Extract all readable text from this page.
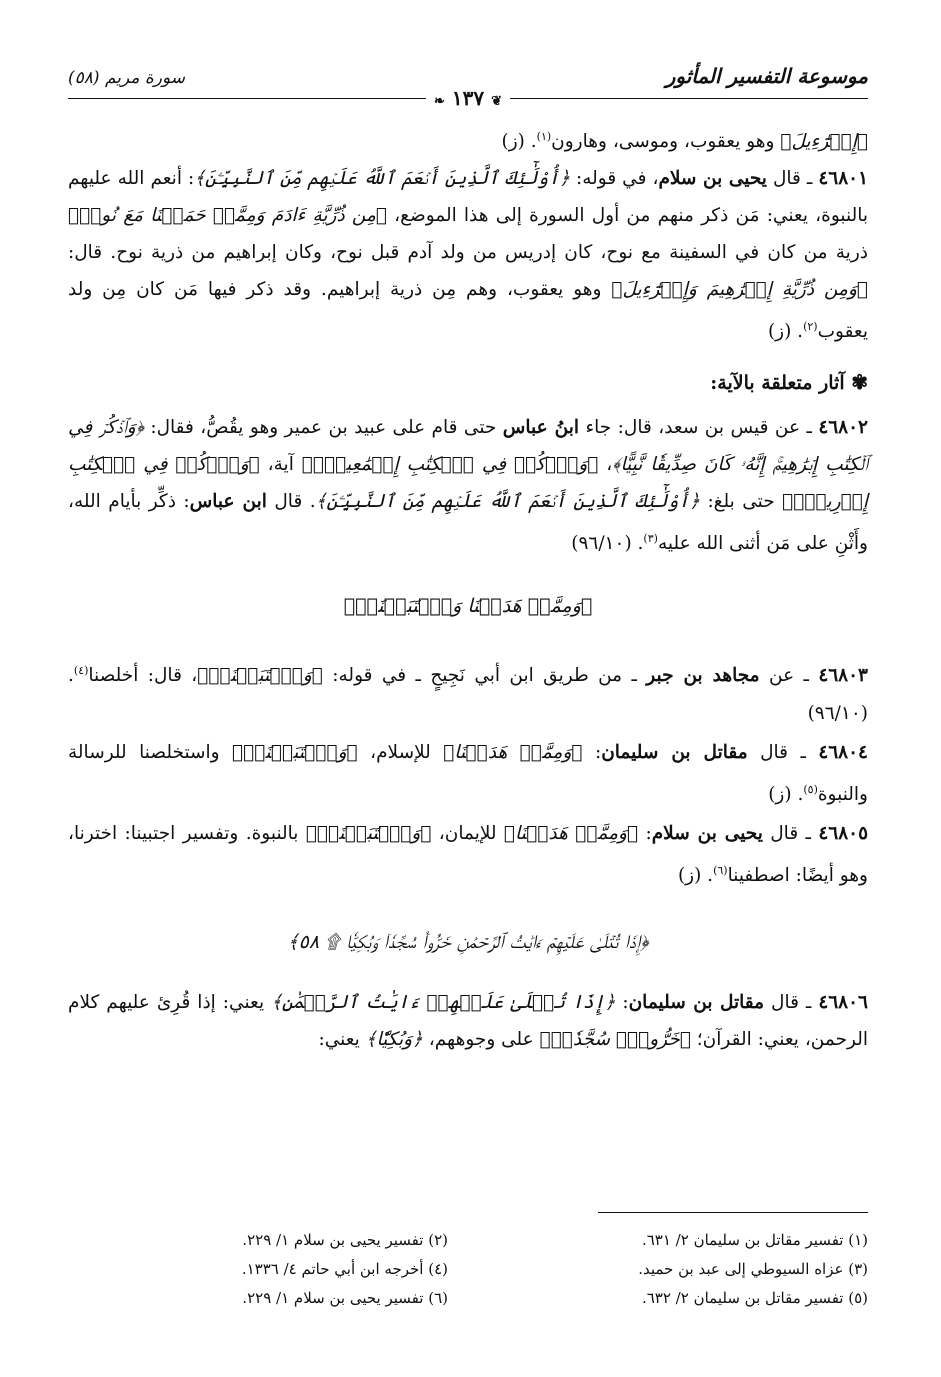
موسوعة التفسير المأثور
سورة مريم (٥٨)
❦ ١٣٧ ❧

﴿إِسۡرَٰٓءِيلَ﴾ وهو يعقوب، وموسى، وهارون$^{(١)}$. (ز)

٤٦٨٠١ ـ قال يحيى بن سلام، في قوله: ﴿أُوْلَٰٓئِكَ ٱلَّذِينَ أَنۡعَمَ ٱللَّهُ عَلَيۡهِم مِّنَ ٱلنَّبِيِّـۧنَ﴾: أنعم الله عليهم بالنبوة، يعني: مَن ذكر منهم من أول السورة إلى هذا الموضع، ﴿مِن ذُرِّيَّةِ ءَادَمَ وَمِمَّنۡ حَمَلۡنَا مَعَ نُوحٖ﴾ ذرية من كان في السفينة مع نوح، كان إدريس من ولد آدم قبل نوح، وكان إبراهيم من ذرية نوح. قال: ﴿وَمِن ذُرِّيَّةِ إِبۡرَٰهِيمَ وَإِسۡرَٰٓءِيلَ﴾ وهو يعقوب، وهم مِن ذرية إبراهيم. وقد ذكر فيها مَن كان مِن ولد يعقوب$^{(٢)}$. (ز)

✾ آثار متعلقة بالآية:

٤٦٨٠٢ ـ عن قيس بن سعد، قال: جاء ابنُ عباس حتى قام على عبيد بن عمير وهو يقُصُّ، فقال: ﴿وَٱذۡكُرۡ فِي ٱلۡكِتَٰبِ إِبۡرَٰهِيمَۚ إِنَّهُۥ كَانَ صِدِّيقٗا نَّبِيًّا﴾، ﴿وَٱذۡكُرۡ فِي ٱلۡكِتَٰبِ إِسۡمَٰعِيلَۚ﴾ آية، ﴿وَٱذۡكُرۡ فِي ٱلۡكِتَٰبِ إِدۡرِيسَۚ﴾ حتى بلغ: ﴿أُوْلَٰٓئِكَ ٱلَّذِينَ أَنۡعَمَ ٱللَّهُ عَلَيۡهِم مِّنَ ٱلنَّبِيِّـۧنَ﴾. قال ابن عباس: ذكِّر بأيام الله، وأَثْنِ على مَن أثنى الله عليه$^{(٣)}$. (٩٦/١٠)

﴿وَمِمَّنۡ هَدَيۡنَا وَٱجۡتَبَيۡنَآۚ﴾

٤٦٨٠٣ ـ عن مجاهد بن جبر ـ من طريق ابن أبي نَجِيحٍ ـ في قوله: ﴿وَٱجۡتَبَيۡنَآۚ﴾، قال: أخلصنا$^{(٤)}$. (٩٦/١٠)

٤٦٨٠٤ ـ قال مقاتل بن سليمان: ﴿وَمِمَّنۡ هَدَيۡنَا﴾ للإسلام، ﴿وَٱجۡتَبَيۡنَآۚ﴾ واستخلصنا للرسالة والنبوة$^{(٥)}$. (ز)

٤٦٨٠٥ ـ قال يحيى بن سلام: ﴿وَمِمَّنۡ هَدَيۡنَا﴾ للإيمان، ﴿وَٱجۡتَبَيۡنَآۚ﴾ بالنبوة. وتفسير اجتبينا: اخترنا، وهو أيضًا: اصطفينا$^{(٦)}$. (ز)

﴿إِذَا تُتۡلَىٰ عَلَيۡهِمۡ ءَايَٰتُ ٱلرَّحۡمَٰنِ خَرُّواْۤ سُجَّدٗاۤ وَبُكِيّٗا ۩ ٥٨﴾

٤٦٨٠٦ ـ قال مقاتل بن سليمان: ﴿إِذَا تُتۡلَىٰ عَلَيۡهِمۡ ءَايَٰتُ ٱلرَّحۡمَٰنِ﴾ يعني: إذا قُرِئ عليهم كلام الرحمن، يعني: القرآن؛ ﴿خَرُّواْۤ سُجَّدٗاۤ﴾ على وجوههم، ﴿وَبُكِيّٗا﴾ يعني:

(١) تفسير مقاتل بن سليمان ٢/ ٦٣١.
(٣) عزاه السيوطي إلى عبد بن حميد.
(٥) تفسير مقاتل بن سليمان ٢/ ٦٣٢.
(٢) تفسير يحيى بن سلام ١/ ٢٢٩.
(٤) أخرجه ابن أبي حاتم ٤/ ١٣٣٦.
(٦) تفسير يحيى بن سلام ١/ ٢٢٩.
